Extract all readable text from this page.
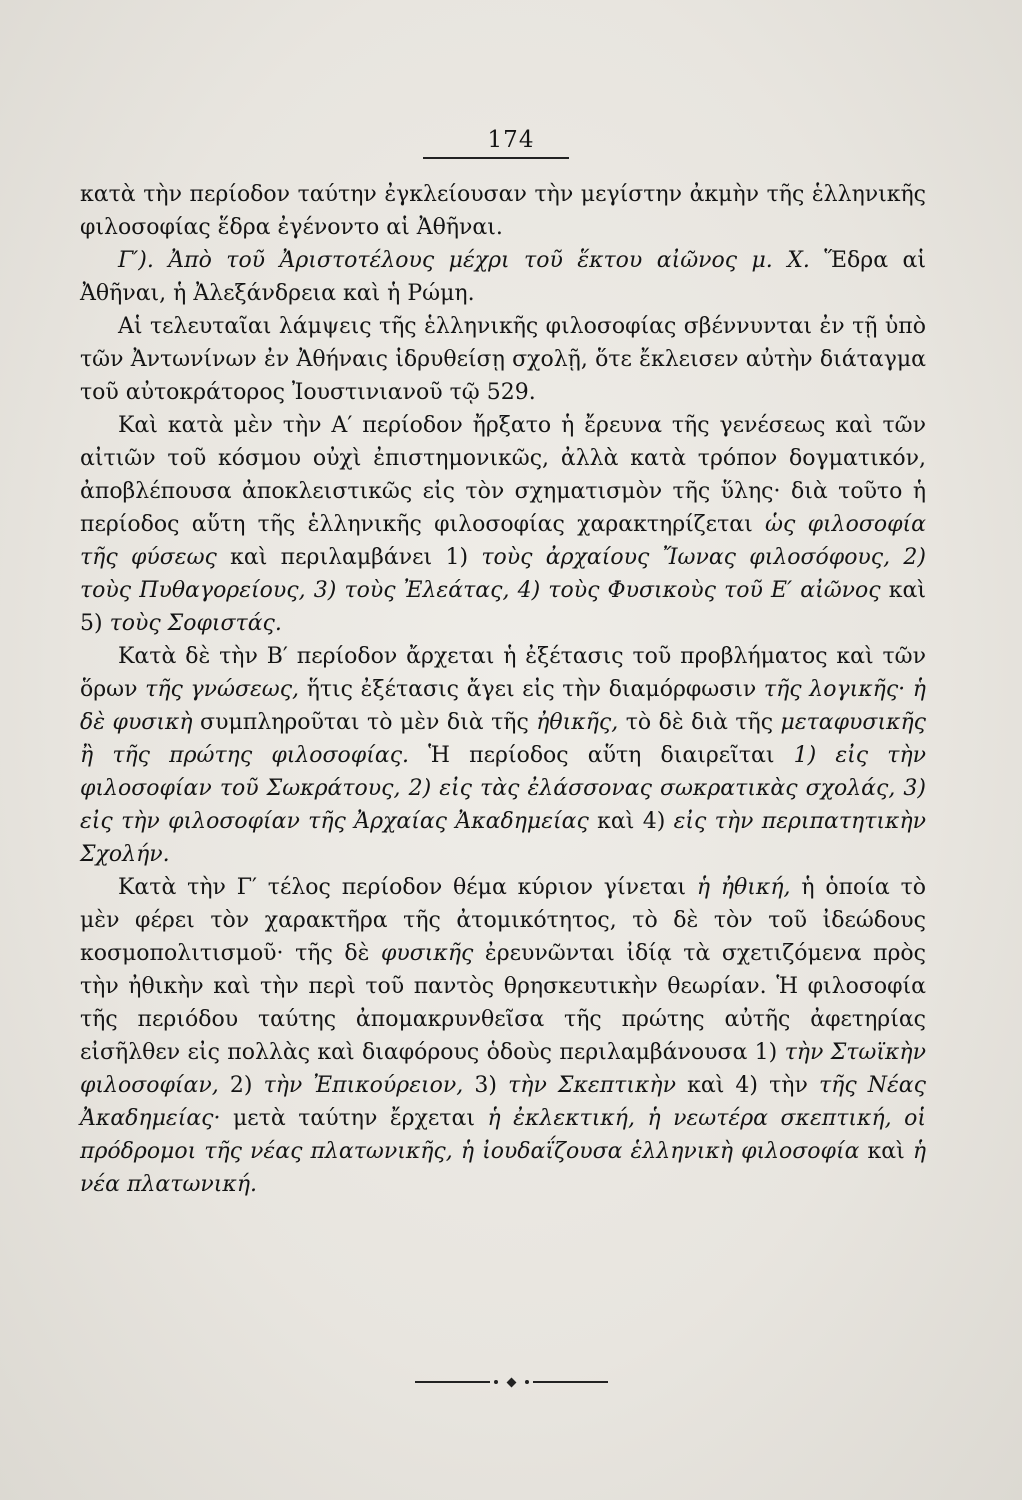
174

κατὰ τὴν περίοδον ταύτην ἐγκλείουσαν τὴν μεγίστην ἀκμὴν τῆς ἑλληνικῆς φιλοσοφίας ἕδρα ἐγένοντο αἱ Ἀθῆναι.

Γ′). Ἀπὸ τοῦ Ἀριστοτέλους μέχρι τοῦ ἕκτου αἰῶνος μ. Χ. Ἕδρα αἱ Ἀθῆναι, ἡ Ἀλεξάνδρεια καὶ ἡ Ρώμη.

Αἱ τελευταῖαι λάμψεις τῆς ἑλληνικῆς φιλοσοφίας σβέννυνται ἐν τῇ ὑπὸ τῶν Ἀντωνίνων ἐν Ἀθήναις ἱδρυθείσῃ σχολῇ, ὅτε ἔκλεισεν αὐτὴν διάταγμα τοῦ αὐτοκράτορος Ἰουστινιανοῦ τῷ 529.

Καὶ κατὰ μὲν τὴν Α′ περίοδον ἤρξατο ἡ ἔρευνα τῆς γενέσεως καὶ τῶν αἰτιῶν τοῦ κόσμου οὐχὶ ἐπιστημονικῶς, ἀλλὰ κατὰ τρόπον δογματικόν, ἀποβλέπουσα ἀποκλειστικῶς εἰς τὸν σχηματισμὸν τῆς ὕλης· διὰ τοῦτο ἡ περίοδος αὕτη τῆς ἑλληνικῆς φιλοσοφίας χαρακτηρίζεται ὡς φιλοσοφία τῆς φύσεως καὶ περιλαμβάνει 1) τοὺς ἀρχαίους Ἴωνας φιλοσόφους, 2) τοὺς Πυθαγορείους, 3) τοὺς Ἐλεάτας, 4) τοὺς Φυσικοὺς τοῦ Ε′ αἰῶνος καὶ 5) τοὺς Σοφιστάς.

Κατὰ δὲ τὴν Β′ περίοδον ἄρχεται ἡ ἐξέτασις τοῦ προβλήματος καὶ τῶν ὅρων τῆς γνώσεως, ἥτις ἐξέτασις ἄγει εἰς τὴν διαμόρφωσιν τῆς λογικῆς· ἡ δὲ φυσικὴ συμπληροῦται τὸ μὲν διὰ τῆς ἠθικῆς, τὸ δὲ διὰ τῆς μεταφυσικῆς ἢ τῆς πρώτης φιλοσοφίας. Ἡ περίοδος αὕτη διαιρεῖται 1) εἰς τὴν φιλοσοφίαν τοῦ Σωκράτους, 2) εἰς τὰς ἐλάσσονας σωκρατικὰς σχολάς, 3) εἰς τὴν φιλοσοφίαν τῆς Ἀρχαίας Ἀκαδημείας καὶ 4) εἰς τὴν περιπατητικὴν Σχολήν.

Κατὰ τὴν Γ′ τέλος περίοδον θέμα κύριον γίνεται ἡ ἠθική, ἡ ὁποία τὸ μὲν φέρει τὸν χαρακτῆρα τῆς ἀτομικότητος, τὸ δὲ τὸν τοῦ ἰδεώδους κοσμοπολιτισμοῦ· τῆς δὲ φυσικῆς ἐρευνῶνται ἰδίᾳ τὰ σχετιζόμενα πρὸς τὴν ἠθικὴν καὶ τὴν περὶ τοῦ παντὸς θρησκευτικὴν θεωρίαν. Ἡ φιλοσοφία τῆς περιόδου ταύτης ἀπομακρυνθεῖσα τῆς πρώτης αὐτῆς ἀφετηρίας εἰσῆλθεν εἰς πολλὰς καὶ διαφόρους ὁδοὺς περιλαμβάνουσα 1) τὴν Στωϊκὴν φιλοσοφίαν, 2) τὴν Ἐπικούρειον, 3) τὴν Σκεπτικὴν καὶ 4) τὴν τῆς Νέας Ἀκαδημείας· μετὰ ταύτην ἔρχεται ἡ ἐκλεκτική, ἡ νεωτέρα σκεπτική, οἱ πρόδρομοι τῆς νέας πλατωνικῆς, ἡ ἰουδαΐζουσα ἑλληνικὴ φιλοσοφία καὶ ἡ νέα πλατωνική.
